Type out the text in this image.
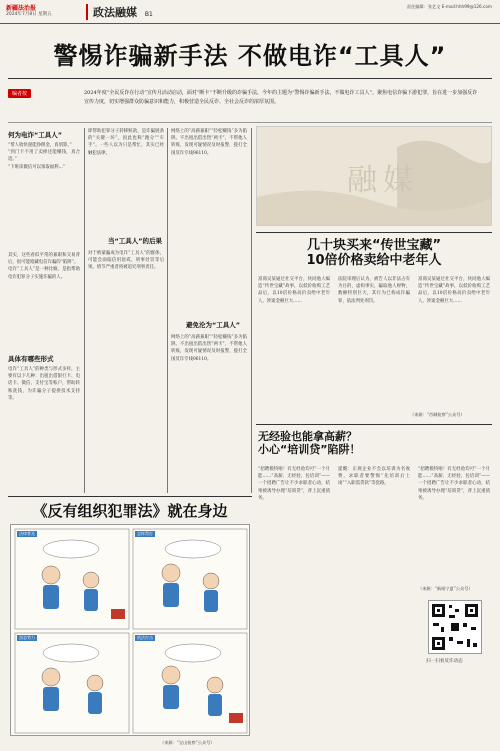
新疆法治报
2024年7月8日 星期五	政法融媒 B1
责任编辑：张艺文 E-mail:hhh99@126.com
警惕诈骗新手法 不做电诈“工具人”
编者按	2024年度“全民反诈在行动”宣传月活动启动，面对“断卡”不断升级的诈骗手法，今年的主题为“警惕诈骗新手法，不做电诈工具人”，聚焦电信诈骗下游犯罪，旨在进一步加强反诈宣传力度，切实增强群众防骗意识和能力，积极营造全民反诈、全社会反诈的浓厚氛围。
何为电诈“工具人”
“帮人收快递能挣佣金，真划算。”
“到门卡不用了卖掉还能赚钱，真合适。”
“下班读微信可以领取福利…”
其实，这些看似平常的兼职和交易背后，很可能暗藏电信诈骗的“陷阱”。
电诈“工具人”是一种比喻，是指帮助电诈犯罪分子实施诈骗的人。
具体有哪些形式
电诈“工具人”的种类与形式多样，主要有以下几种：出租出借银行卡、电话卡、微信、支付宝等账户，帮助转账洗钱，为诈骗分子提供技术支持等。
即帮助犯罪分子转移赃款，是诈骗链条的“关键一环”，因此也称“跑分”“车手”。一些人以为只是帮忙，其实已经触犯法律。
当“工具人”的后果
对于被蒙骗成为电诈“工具人”的群体，可能会面临信用惩戒、刑事处罚等后果。情节严重者将被追究刑事责任。
网络上的“高薪兼职”“轻松赚钱”多为陷阱。不出租出借出售“两卡”，不帮他人转账，发现可疑情况及时报警，拨打全国反诈专线96110。
避免沦为“工具人”
网络上的“高薪兼职”“轻松赚钱”多为陷阱。不出租出借出售“两卡”，不帮他人转账，发现可疑情况及时报警，拨打全国反诈专线96110。
融媒
几十块买来“传世宝藏”
10倍价格卖给中老年人
富商吴某通过社交平台，伙同他人编造“传世宝藏”故事，以低价收购工艺品后，以10倍价格高价卖给中老年人，涉案金额巨大……
法院审理后认为，被告人以非法占有为目的，虚构事实，骗取他人财物，数额特别巨大，其行为已构成诈骗罪，依法判处刑罚。
富商吴某通过社交平台，伙同他人编造“传世宝藏”故事，以低价收购工艺品后，以10倍价格高价卖给中老年人，涉案金额巨大……
（来源：“肖城检察”公众号）
无经验也能拿高薪？
小心“培训贷”陷阱！
“招聘模特啦！有无经验均可”一个月能……“高薪、无经验、包培训”——一个招聘广告让不少求职者心动，结果被诱导办理“培训贷”，背上沉重债务。
提醒：正规企业不会以培训为名收费，求职者要警惕“先培训后上岗”“入职需贷款”等套路。
“招聘模特啦！有无经验均可”一个月能……“高薪、无经验、包培训”——一个招聘广告让不少求职者心动，结果被诱导办理“培训贷”，背上沉重债务。
（来源：“新闻宁夏”公众号）
扫一扫看反诈动态
《反有组织犯罪法》就在身边
法律普及	怎样帮打
黑恶势力	依法打击
（来源：“宝山检察”公众号）
